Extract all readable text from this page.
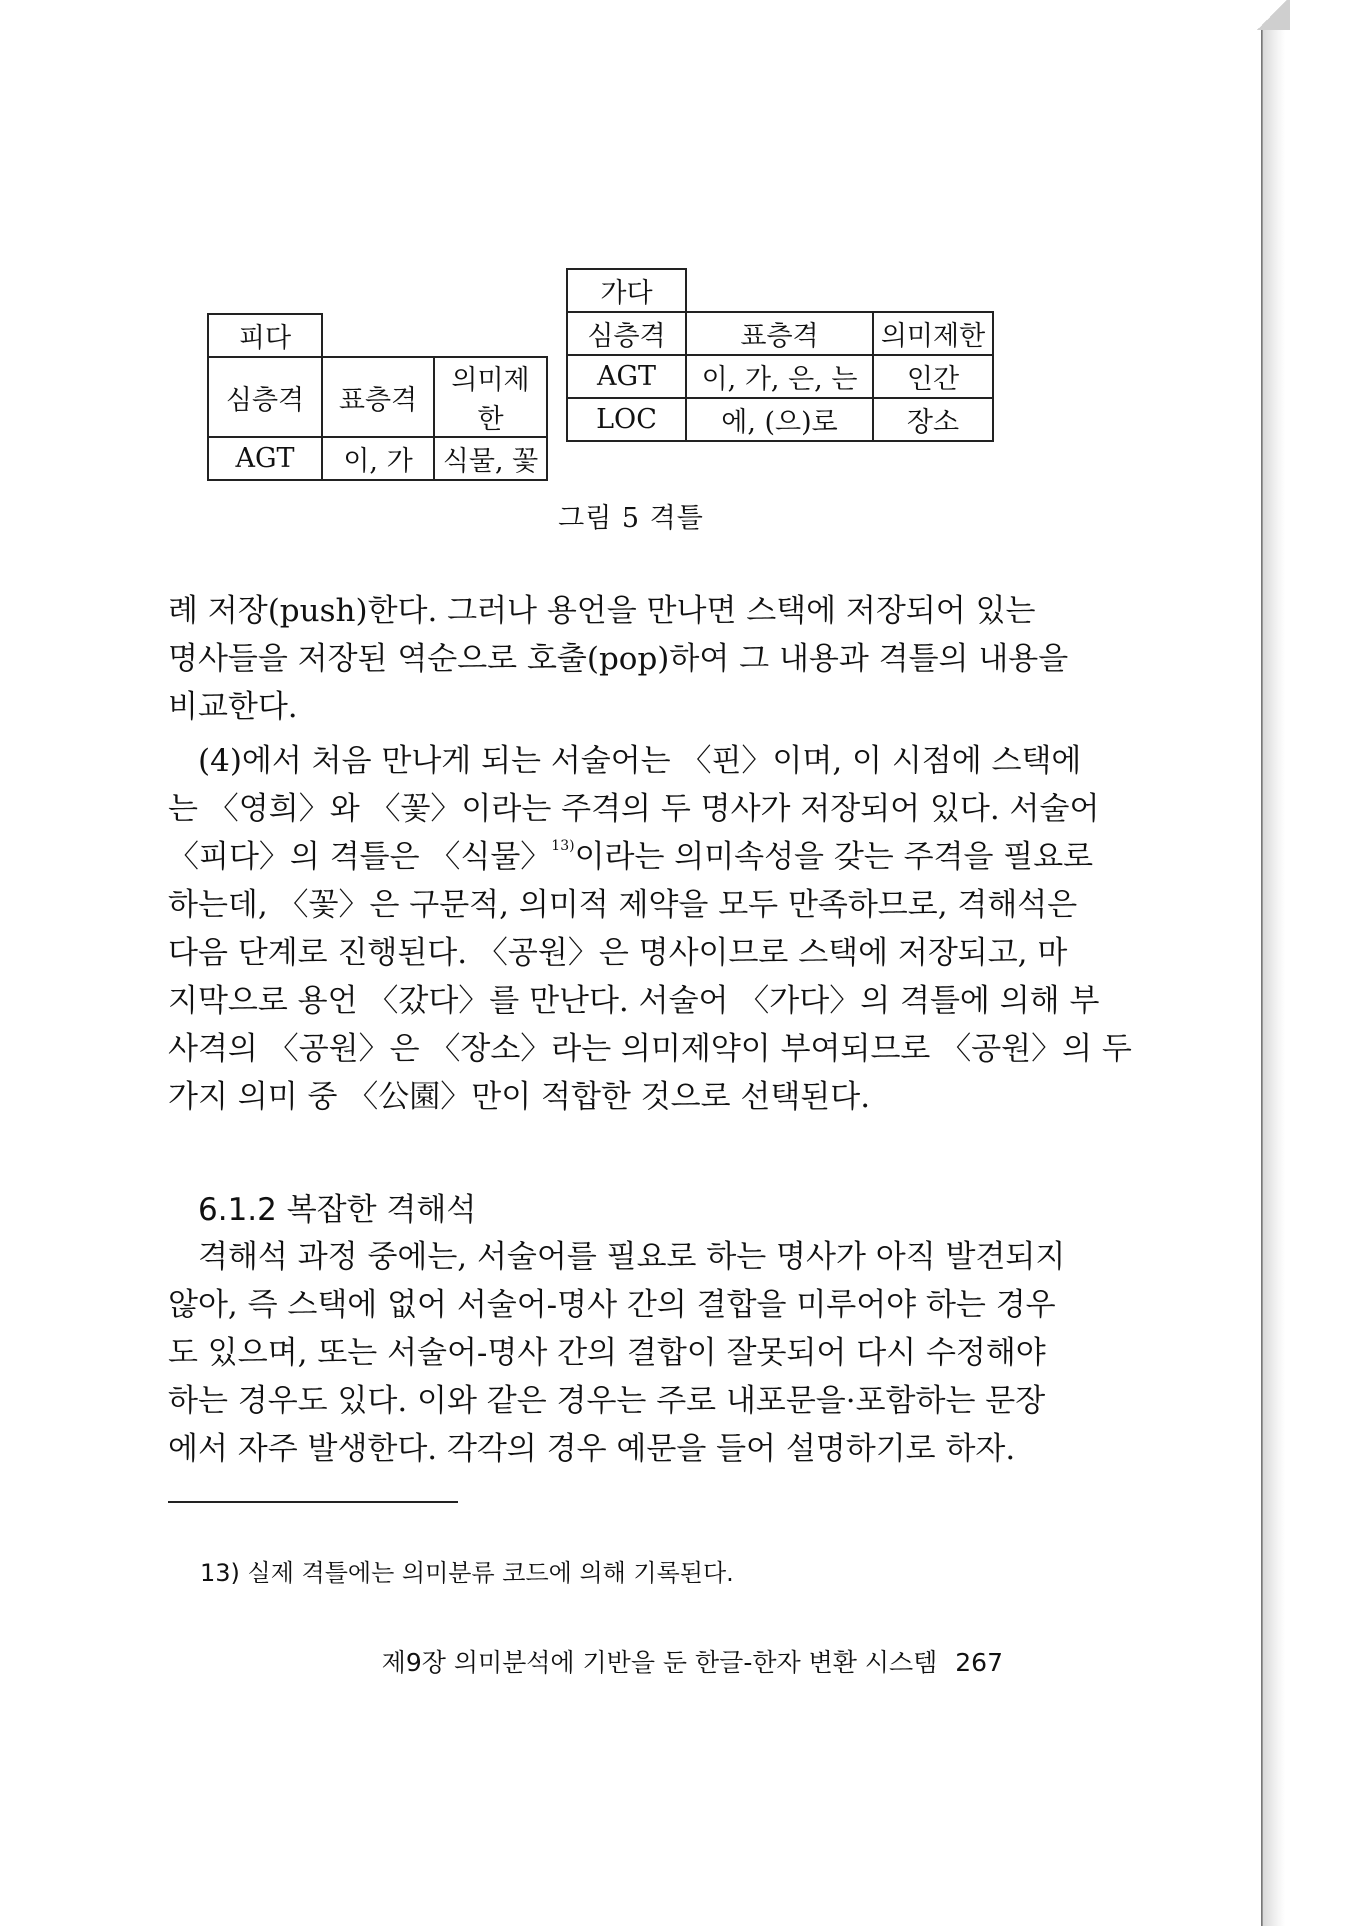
피다		
심층격	표층격	의미제한
AGT	이, 가	식물, 꽃
가다		
심층격	표층격	의미제한
AGT	이, 가, 은, 는	인간
LOC	에, (으)로	장소
그림 5 격틀

례 저장(push)한다. 그러나 용언을 만나면 스택에 저장되어 있는
명사들을 저장된 역순으로 호출(pop)하여 그 내용과 격틀의 내용을
비교한다.

(4)에서 처음 만나게 되는 서술어는 〈핀〉이며, 이 시점에 스택에
는 〈영희〉와 〈꽃〉이라는 주격의 두 명사가 저장되어 있다. 서술어
〈피다〉의 격틀은 〈식물〉$^{13)}$이라는 의미속성을 갖는 주격을 필요로
하는데, 〈꽃〉은 구문적, 의미적 제약을 모두 만족하므로, 격해석은
다음 단계로 진행된다. 〈공원〉은 명사이므로 스택에 저장되고, 마
지막으로 용언 〈갔다〉를 만난다. 서술어 〈가다〉의 격틀에 의해 부
사격의 〈공원〉은 〈장소〉라는 의미제약이 부여되므로 〈공원〉의 두
가지 의미 중 〈公園〉만이 적합한 것으로 선택된다.

6.1.2 복잡한 격해석

격해석 과정 중에는, 서술어를 필요로 하는 명사가 아직 발견되지
않아, 즉 스택에 없어 서술어-명사 간의 결합을 미루어야 하는 경우
도 있으며, 또는 서술어-명사 간의 결합이 잘못되어 다시 수정해야
하는 경우도 있다. 이와 같은 경우는 주로 내포문을·포함하는 문장
에서 자주 발생한다. 각각의 경우 예문을 들어 설명하기로 하자.

13) 실제 격틀에는 의미분류 코드에 의해 기록된다.
제9장 의미분석에 기반을 둔 한글-한자 변환 시스템 267
